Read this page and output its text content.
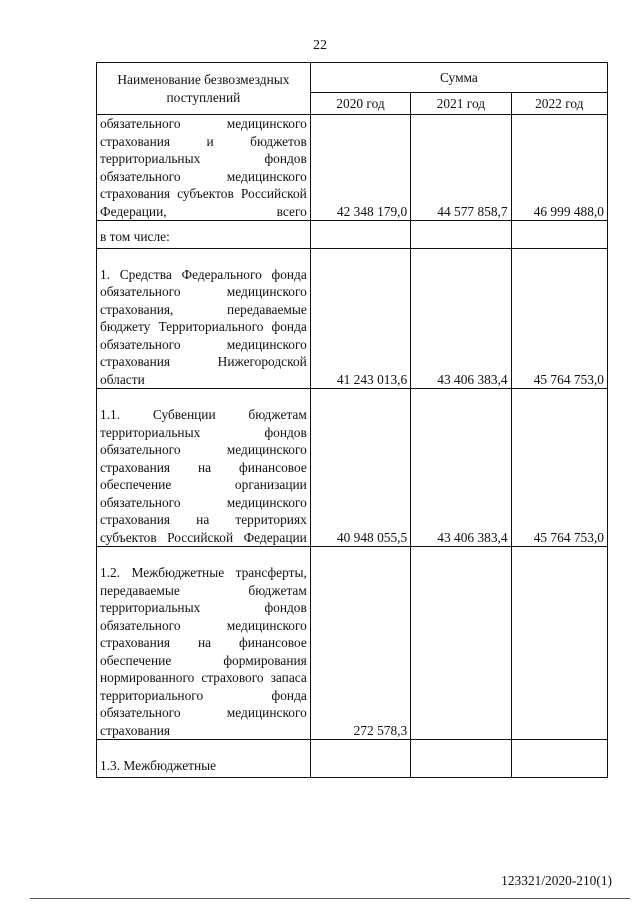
22
Наименование безвозмездных поступлений	Сумма		
	2020 год	2021 год	2022 год

обязательного медицинского страхования и бюджетов территориальных фондов обязательного медицинского страхования субъектов Российской Федерации, всего	42 348 179,0	44 577 858,7	46 999 488,0

в том числе:			

1. Средства Федерального фонда обязательного медицинского страхования, передаваемые бюджету Территориального фонда обязательного медицинского страхования Нижегородской области	41 243 013,6	43 406 383,4	45 764 753,0

1.1. Субвенции бюджетам территориальных фондов обязательного медицинского страхования на финансовое обеспечение организации обязательного медицинского страхования на территориях субъектов Российской Федерации	40 948 055,5	43 406 383,4	45 764 753,0

1.2. Межбюджетные трансферты, передаваемые бюджетам территориальных фондов обязательного медицинского страхования на финансовое обеспечение формирования нормированного страхового запаса территориального фонда обязательного медицинского страхования	272 578,3		

1.3. Межбюджетные			

123321/2020-210(1)
